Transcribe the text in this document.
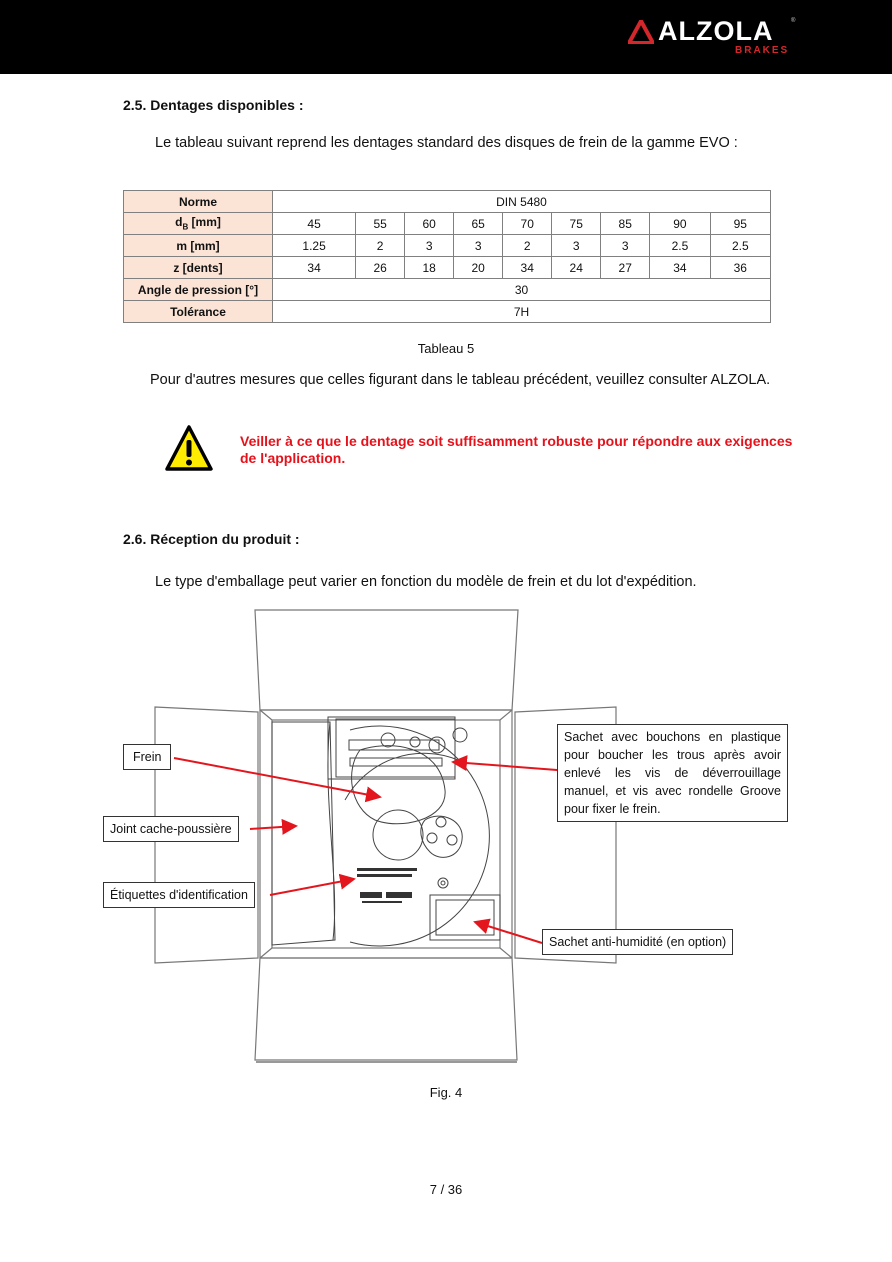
ALZOLA	®
BRAKES
2.5. Dentages disponibles :
Le tableau suivant reprend les dentages standard des disques de frein de la gamme EVO :
Norme	DIN 5480								
$d_B$ [mm]	45	55	60	65	70	75	85	90	95
m [mm]	1.25	2	3	3	2	3	3	2.5	2.5
z [dents]	34	26	18	20	34	24	27	34	36
Angle de pression [°]	30								
Tolérance	7H								
Tableau 5
Pour d'autres mesures que celles figurant dans le tableau précédent, veuillez consulter ALZOLA.
Veiller à ce que le dentage soit suffisamment robuste pour répondre aux exigences de l'application.
2.6. Réception du produit :
Le type d'emballage peut varier en fonction du modèle de frein et du lot d'expédition.
Frein
Joint cache-poussière
Étiquettes d'identification
Sachet avec bouchons en plastique pour boucher les trous après avoir enlevé les vis de déverrouillage manuel, et vis avec rondelle Groove pour fixer le frein.
Sachet anti-humidité (en option)
Fig. 4
7 / 36
